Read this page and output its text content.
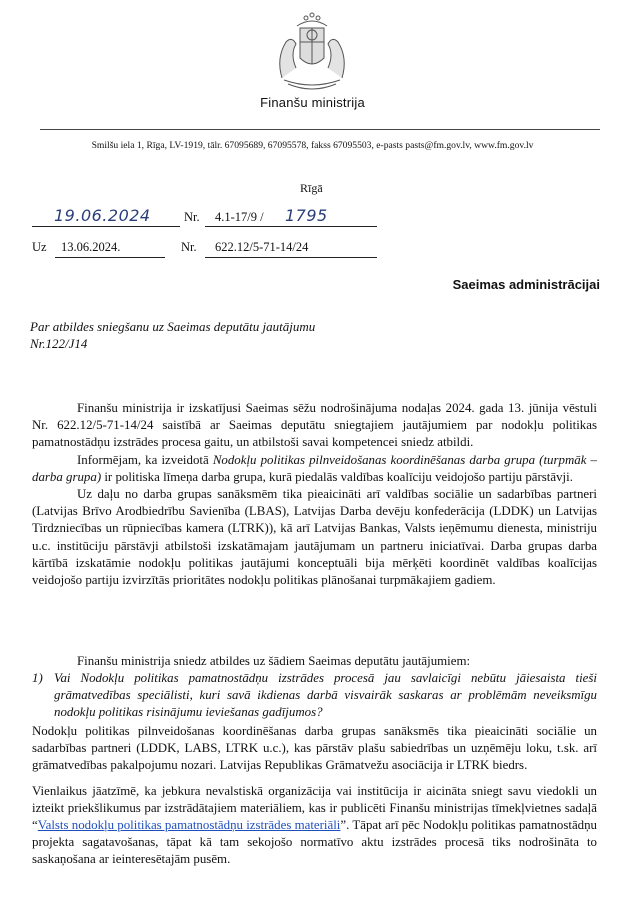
Finanšu ministrija
Smilšu iela 1, Rīga, LV-1919, tālr. 67095689, 67095578, fakss 67095503, e-pasts pasts@fm.gov.lv, www.fm.gov.lv
Rīgā
19.06.2024	Nr. 4.1-17/9 / 1795
Uz 13.06.2024.	Nr. 622.12/5-71-14/24
Saeimas administrācijai
Par atbildes sniegšanu uz Saeimas deputātu jautājumu Nr.122/J14

Finanšu ministrija ir izskatījusi Saeimas sēžu nodrošinājuma nodaļas 2024. gada 13. jūnija vēstuli Nr. 622.12/5-71-14/24 saistībā ar Saeimas deputātu sniegtajiem jautājumiem par nodokļu politikas pamatnostādņu izstrādes procesa gaitu, un atbilstoši savai kompetencei sniedz atbildi.

Informējam, ka izveidotā Nodokļu politikas pilnveidošanas koordinēšanas darba grupa (turpmāk – darba grupa) ir politiska līmeņa darba grupa, kurā piedalās valdības koalīciju veidojošo partiju pārstāvji.

Uz daļu no darba grupas sanāksmēm tika pieaicināti arī valdības sociālie un sadarbības partneri (Latvijas Brīvo Arodbiedrību Savienība (LBAS), Latvijas Darba devēju konfederācija (LDDK) un Latvijas Tirdzniecības un rūpniecības kamera (LTRK)), kā arī Latvijas Bankas, Valsts ieņēmumu dienesta, ministriju u.c. institūciju pārstāvji atbilstoši izskatāmajam jautājumam un partneru iniciatīvai. Darba grupas darba kārtībā izskatāmie nodokļu politikas jautājumi konceptuāli bija mērķēti koordinēt valdības koalīcijas veidojošo partiju izvirzītās prioritātes nodokļu politikas plānošanai turpmākajiem gadiem.

Finanšu ministrija sniedz atbildes uz šādiem Saeimas deputātu jautājumiem:

1) Vai Nodokļu politikas pamatnostādņu izstrādes procesā jau savlaicīgi nebūtu jāiesaista tieši grāmatvedības speciālisti, kuri savā ikdienas darbā visvairāk saskaras ar problēmām neveiksmīgu nodokļu politikas risinājumu ieviešanas gadījumos?

Nodokļu politikas pilnveidošanas koordinēšanas darba grupas sanāksmēs tika pieaicināti sociālie un sadarbības partneri (LDDK, LABS, LTRK u.c.), kas pārstāv plašu sabiedrības un uzņēmēju loku, t.sk. arī grāmatvedības pakalpojumu nozari. Latvijas Republikas Grāmatvežu asociācija ir LTRK biedrs.

Vienlaikus jāatzīmē, ka jebkura nevalstiskā organizācija vai institūcija ir aicināta sniegt savu viedokli un izteikt priekšlikumus par izstrādātajiem materiāliem, kas ir publicēti Finanšu ministrijas tīmekļvietnes sadaļā “Valsts nodokļu politikas pamatnostādņu izstrādes materiāli”. Tāpat arī pēc Nodokļu politikas pamatnostādņu projekta sagatavošanas, tāpat kā tam sekojošo normatīvo aktu izstrādes procesā tiks nodrošināta to saskaņošana ar ieinteresētajām pusēm.
